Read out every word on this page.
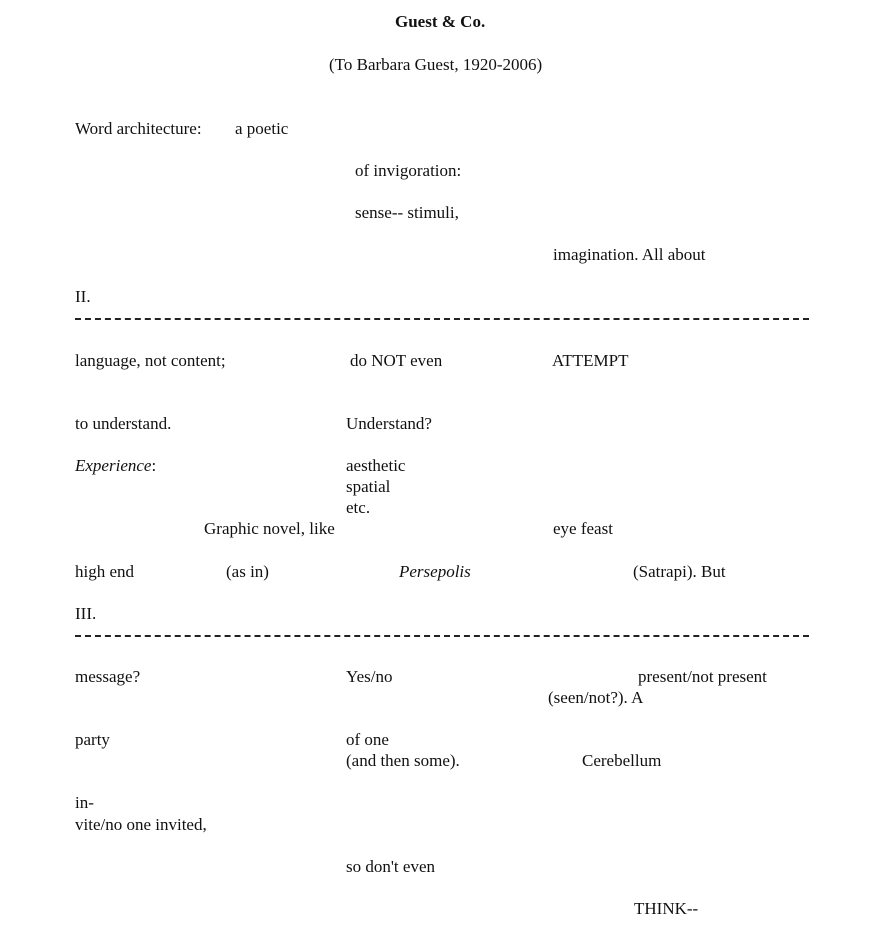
Guest & Co.
(To Barbara Guest, 1920-2006)
Word architecture: a poetic
of invigoration:
sense-- stimuli,
imagination. All about
II.
language, not content;	do NOT even	ATTEMPT
to understand.	Understand?
Experience:	aesthetic
spatial
etc.
Graphic novel, like	eye feast
high end	(as in)	Persepolis	(Satrapi). But
III.
message?	Yes/no	present/not present
(seen/not?). A
party	of one
(and then some).	Cerebellum
in-
vite/no one invited,
so don't even
THINK--
